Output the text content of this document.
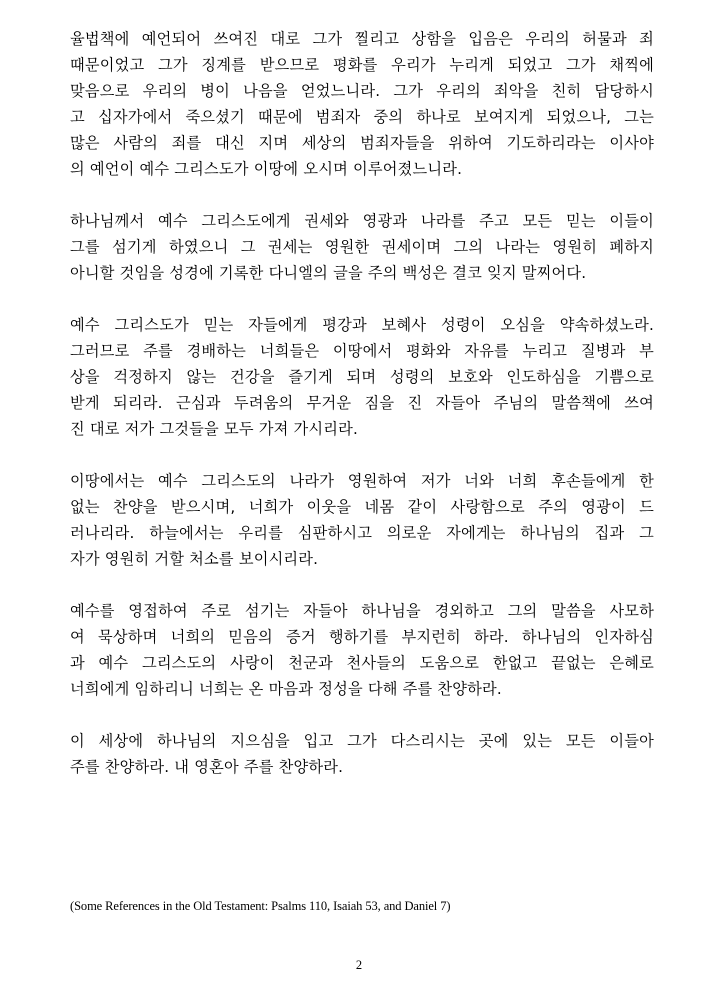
율법책에 예언되어 쓰여진 대로 그가 찔리고 상함을 입음은 우리의 허물과 죄
때문이었고 그가 징계를 받으므로 평화를 우리가 누리게 되었고 그가 채찍에
맞음으로 우리의 병이 나음을 얻었느니라. 그가 우리의 죄악을 친히 담당하시
고 십자가에서 죽으셨기 때문에 범죄자 중의 하나로 보여지게 되었으나, 그는
많은 사람의 죄를 대신 지며 세상의 범죄자들을 위하여 기도하리라는 이사야
의 예언이 예수 그리스도가 이땅에 오시며 이루어졌느니라.

하나님께서 예수 그리스도에게 권세와 영광과 나라를 주고 모든 믿는 이들이
그를 섬기게 하였으니 그 권세는 영원한 권세이며 그의 나라는 영원히 폐하지
아니할 것임을 성경에 기록한 다니엘의 글을 주의 백성은 결코 잊지 말찌어다.

예수 그리스도가 믿는 자들에게 평강과 보혜사 성령이 오심을 약속하셨노라.
그러므로 주를 경배하는 너희들은 이땅에서 평화와 자유를 누리고 질병과 부
상을 걱정하지 않는 건강을 즐기게 되며 성령의 보호와 인도하심을 기쁨으로
받게 되리라. 근심과 두려움의 무거운 짐을 진 자들아 주님의 말씀책에 쓰여
진 대로 저가 그것들을 모두 가져 가시리라.

이땅에서는 예수 그리스도의 나라가 영원하여 저가 너와 너희 후손들에게 한
없는 찬양을 받으시며, 너희가 이웃을 네몸 같이 사랑함으로 주의 영광이 드
러나리라. 하늘에서는 우리를 심판하시고 의로운 자에게는 하나님의 집과 그
자가 영원히 거할 처소를 보이시리라.

예수를 영접하여 주로 섬기는 자들아 하나님을 경외하고 그의 말씀을 사모하
여 묵상하며 너희의 믿음의 증거 행하기를 부지런히 하라. 하나님의 인자하심
과 예수 그리스도의 사랑이 천군과 천사들의 도움으로 한없고 끝없는 은혜로
너희에게 임하리니 너희는 온 마음과 정성을 다해 주를 찬양하라.

이 세상에 하나님의 지으심을 입고 그가 다스리시는 곳에 있는 모든 이들아
주를 찬양하라. 내 영혼아 주를 찬양하라.

(Some References in the Old Testament: Psalms 110, Isaiah 53, and Daniel 7)
2
